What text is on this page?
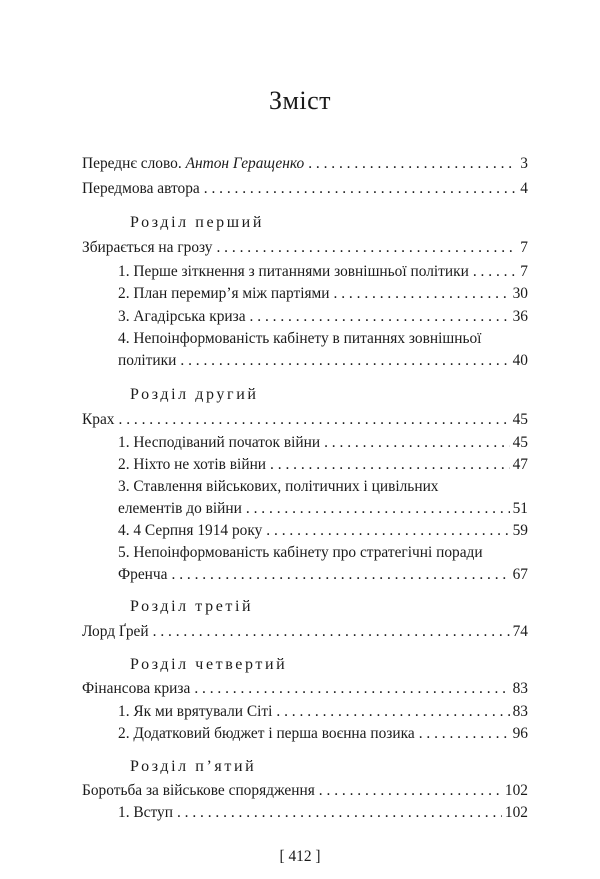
Зміст
Переднє слово. Антон Геращенко . . .	3
Передмова автора . . .	4
Розділ перший
Збирається на грозу . . .	7
1. Перше зіткнення з питаннями зовнішньої політики . . .	7
2. План перемир’я між партіями . . .	30
3. Агадірська криза . . .	36
4. Непоінформованість кабінету в питаннях зовнішньої
політики . . .	40
Розділ другий
Крах . . .	45
1. Несподіваний початок війни . . .	45
2. Ніхто не хотів війни . . .	47
3. Ставлення військових, політичних і цивільних
елементів до війни . . .	51
4. 4 Серпня 1914 року . . .	59
5. Непоінформованість кабінету про стратегічні поради
Френча . . .	67
Розділ третій
Лорд Ґрей . . .	74
Розділ четвертий
Фінансова криза . . .	83
1. Як ми врятували Сіті . . .	83
2. Додатковий бюджет і перша воєнна позика . . .	96
Розділ п’ятий
Боротьба за військове спорядження . . .	102
1. Вступ . . .	102
[ 412 ]
